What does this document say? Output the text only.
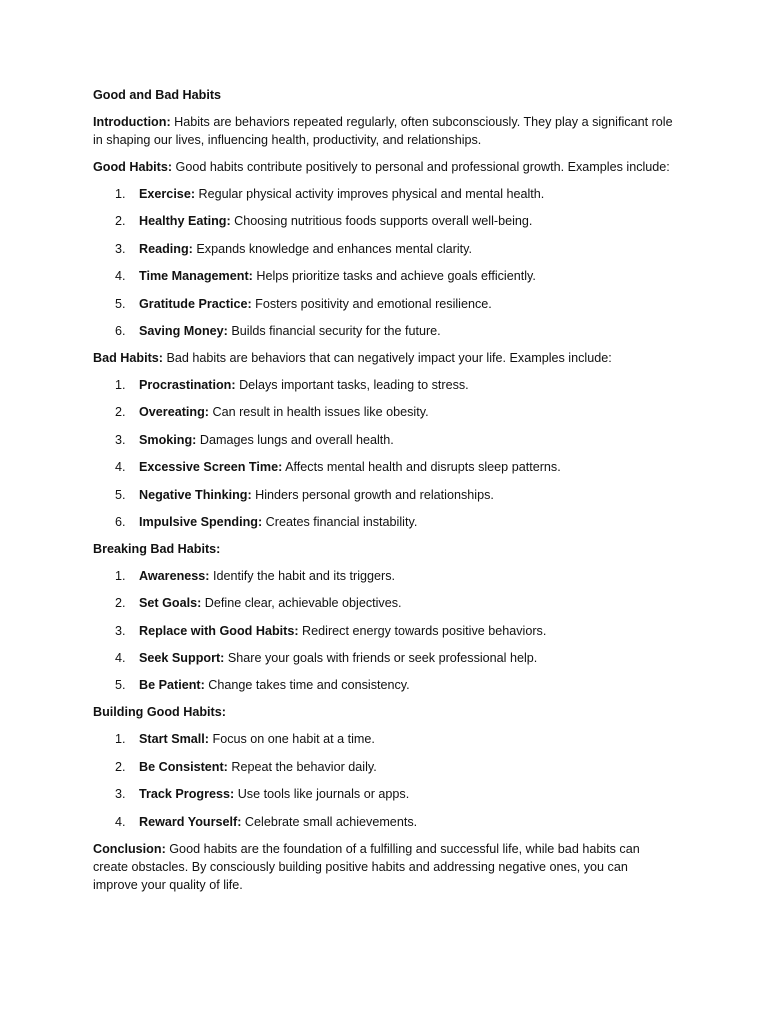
Good and Bad Habits
Introduction: Habits are behaviors repeated regularly, often subconsciously. They play a significant role in shaping our lives, influencing health, productivity, and relationships.
Good Habits: Good habits contribute positively to personal and professional growth. Examples include:
1. Exercise: Regular physical activity improves physical and mental health.
2. Healthy Eating: Choosing nutritious foods supports overall well-being.
3. Reading: Expands knowledge and enhances mental clarity.
4. Time Management: Helps prioritize tasks and achieve goals efficiently.
5. Gratitude Practice: Fosters positivity and emotional resilience.
6. Saving Money: Builds financial security for the future.
Bad Habits: Bad habits are behaviors that can negatively impact your life. Examples include:
1. Procrastination: Delays important tasks, leading to stress.
2. Overeating: Can result in health issues like obesity.
3. Smoking: Damages lungs and overall health.
4. Excessive Screen Time: Affects mental health and disrupts sleep patterns.
5. Negative Thinking: Hinders personal growth and relationships.
6. Impulsive Spending: Creates financial instability.
Breaking Bad Habits:
1. Awareness: Identify the habit and its triggers.
2. Set Goals: Define clear, achievable objectives.
3. Replace with Good Habits: Redirect energy towards positive behaviors.
4. Seek Support: Share your goals with friends or seek professional help.
5. Be Patient: Change takes time and consistency.
Building Good Habits:
1. Start Small: Focus on one habit at a time.
2. Be Consistent: Repeat the behavior daily.
3. Track Progress: Use tools like journals or apps.
4. Reward Yourself: Celebrate small achievements.
Conclusion: Good habits are the foundation of a fulfilling and successful life, while bad habits can create obstacles. By consciously building positive habits and addressing negative ones, you can improve your quality of life.
